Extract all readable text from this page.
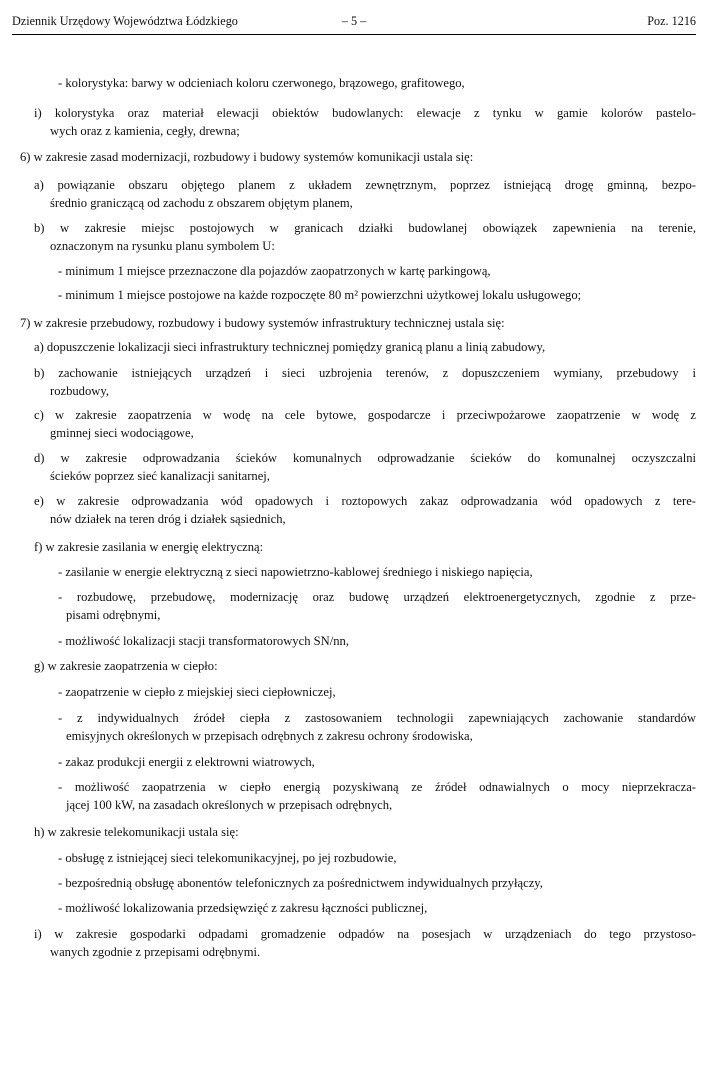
Dziennik Urzędowy Województwa Łódzkiego	– 5 –	Poz. 1216
- kolorystyka: barwy w odcieniach koloru czerwonego, brązowego, grafitowego,
i) kolorystyka oraz materiał elewacji obiektów budowlanych: elewacje z tynku w gamie kolorów pastelo-
wych oraz z kamienia, cegły, drewna;
6) w zakresie zasad modernizacji, rozbudowy i budowy systemów komunikacji ustala się:
a) powiązanie obszaru objętego planem z układem zewnętrznym, poprzez istniejącą drogę gminną, bezpo-
średnio graniczącą od zachodu z obszarem objętym planem,
b) w zakresie miejsc postojowych w granicach działki budowlanej obowiązek zapewnienia na terenie,
oznaczonym na rysunku planu symbolem U:
- minimum 1 miejsce przeznaczone dla pojazdów zaopatrzonych w kartę parkingową,
- minimum 1 miejsce postojowe na każde rozpoczęte 80 m² powierzchni użytkowej lokalu usługowego;
7) w zakresie przebudowy, rozbudowy i budowy systemów infrastruktury technicznej ustala się:
a) dopuszczenie lokalizacji sieci infrastruktury technicznej pomiędzy granicą planu a linią zabudowy,
b) zachowanie istniejących urządzeń i sieci uzbrojenia terenów, z dopuszczeniem wymiany, przebudowy i
rozbudowy,
c) w zakresie zaopatrzenia w wodę na cele bytowe, gospodarcze i przeciwpożarowe zaopatrzenie w wodę z
gminnej sieci wodociągowe,
d) w zakresie odprowadzania ścieków komunalnych odprowadzanie ścieków do komunalnej oczyszczalni
ścieków poprzez sieć kanalizacji sanitarnej,
e) w zakresie odprowadzania wód opadowych i roztopowych zakaz odprowadzania wód opadowych z tere-
nów działek na teren dróg i działek sąsiednich,
f) w zakresie zasilania w energię elektryczną:
- zasilanie w energie elektryczną z sieci napowietrzno-kablowej średniego i niskiego napięcia,
- rozbudowę, przebudowę, modernizację oraz budowę urządzeń elektroenergetycznych, zgodnie z prze-
pisami odrębnymi,
- możliwość lokalizacji stacji transformatorowych SN/nn,
g) w zakresie zaopatrzenia w ciepło:
- zaopatrzenie w ciepło z miejskiej sieci ciepłowniczej,
- z indywidualnych źródeł ciepła z zastosowaniem technologii zapewniających zachowanie standardów
emisyjnych określonych w przepisach odrębnych z zakresu ochrony środowiska,
- zakaz produkcji energii z elektrowni wiatrowych,
- możliwość zaopatrzenia w ciepło energią pozyskiwaną ze źródeł odnawialnych o mocy nieprzekracza-
jącej 100 kW, na zasadach określonych w przepisach odrębnych,
h) w zakresie telekomunikacji ustala się:
- obsługę z istniejącej sieci telekomunikacyjnej, po jej rozbudowie,
- bezpośrednią obsługę abonentów telefonicznych za pośrednictwem indywidualnych przyłączy,
- możliwość lokalizowania przedsięwzięć z zakresu łączności publicznej,
i) w zakresie gospodarki odpadami gromadzenie odpadów na posesjach w urządzeniach do tego przystoso-
wanych zgodnie z przepisami odrębnymi.
